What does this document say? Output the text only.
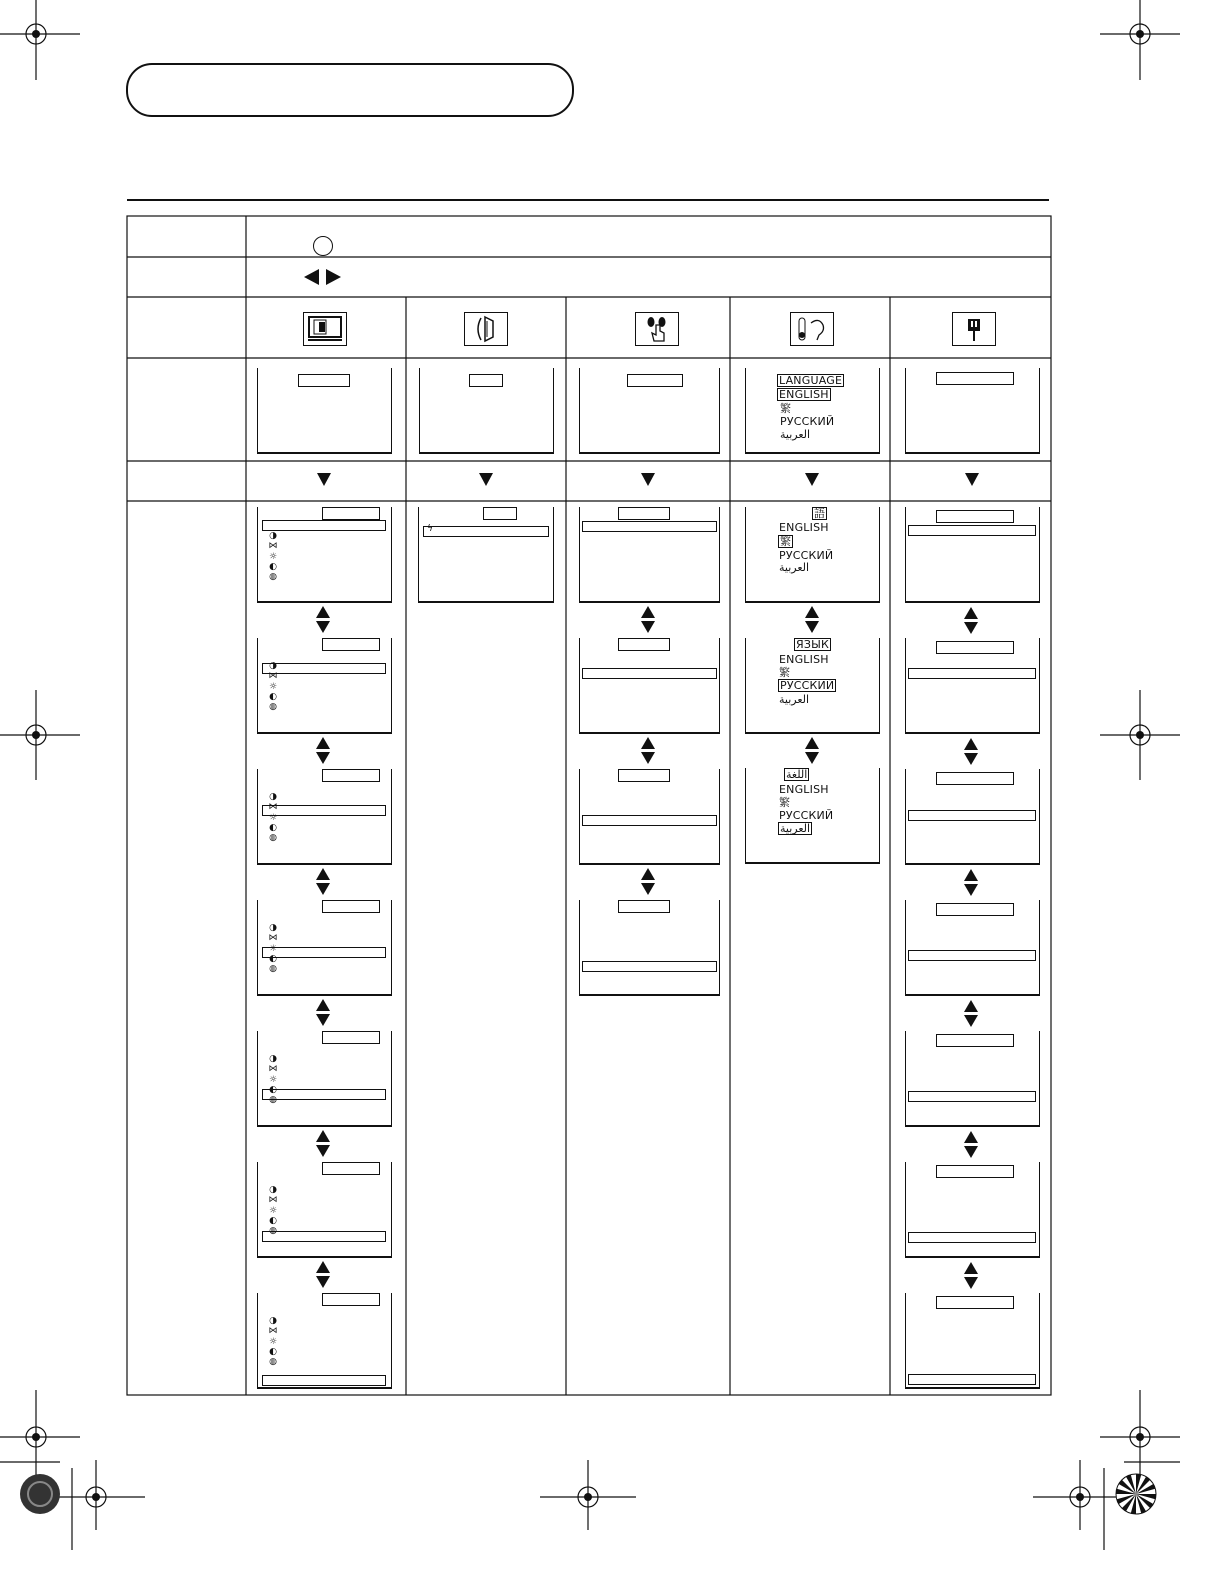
LANGUAGE
ENGLISH
繁
РУССКИЙ
العربية
◑
⋈
☼
◐
◍
◑
⋈
☼
◐
◍
◑
⋈
☼
◐
◍
◑
⋈
☼
◐
◍
◑
⋈
☼
◐
◍
◑
⋈
☼
◐
◍
◑
⋈
☼
◐
◍
ϟ
語
ENGLISH
繁
РУССКИЙ
العربية
ЯЗЫК
ENGLISH
繁
РУССКИЙ
العربية
اللغة
ENGLISH
繁
РУССКИЙ
العربية
